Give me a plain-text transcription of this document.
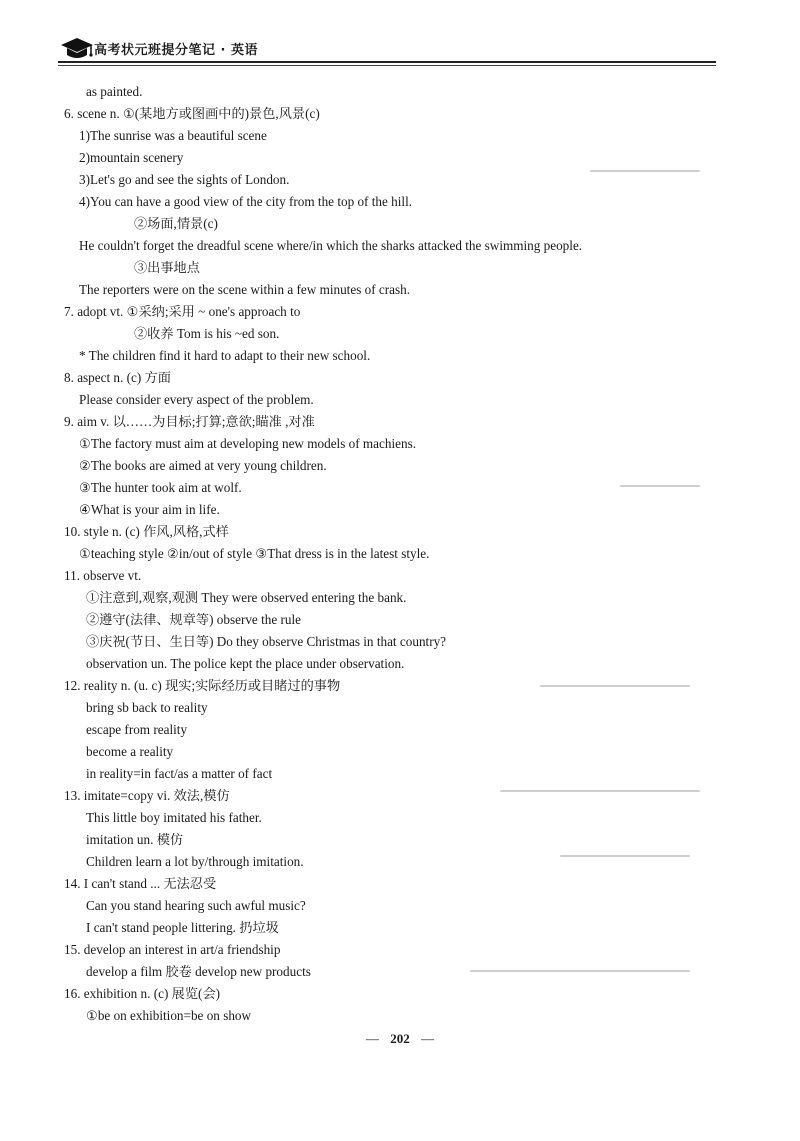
高考状元班提分笔记 · 英语
as painted.
6. scene n. ①(某地方或图画中的)景色,风景(c)
1)The sunrise was a beautiful scene
2)mountain scenery
3)Let's go and see the sights of London.
4)You can have a good view of the city from the top of the hill.
②场面,情景(c)
He couldn't forget the dreadful scene where/in which the sharks attacked the swimming people.
③出事地点
The reporters were on the scene within a few minutes of crash.
7. adopt vt. ①采纳;采用 ~ one's approach to
②收养 Tom is his ~ed son.
* The children find it hard to adapt to their new school.
8. aspect n. (c) 方面
Please consider every aspect of the problem.
9. aim v. 以……为目标;打算;意欲;瞄准 ,对准
①The factory must aim at developing new models of machiens.
②The books are aimed at very young children.
③The hunter took aim at wolf.
④What is your aim in life.
10. style n. (c) 作风,风格,式样
①teaching style ②in/out of style ③That dress is in the latest style.
11. observe vt.
①注意到,观察,观测 They were observed entering the bank.
②遵守(法律、规章等) observe the rule
③庆祝(节日、生日等) Do they observe Christmas in that country?
observation un. The police kept the place under observation.
12. reality n. (u. c) 现实;实际经历或目睹过的事物
bring sb back to reality
escape from reality
become a reality
in reality=in fact/as a matter of fact
13. imitate=copy vi. 效法,模仿
This little boy imitated his father.
imitation un. 模仿
Children learn a lot by/through imitation.
14. I can't stand ... 无法忍受
Can you stand hearing such awful music?
I can't stand people littering. 扔垃圾
15. develop an interest in art/a friendship
develop a film 胶卷 develop new products
16. exhibition n. (c) 展览(会)
①be on exhibition=be on show
— 202 —
